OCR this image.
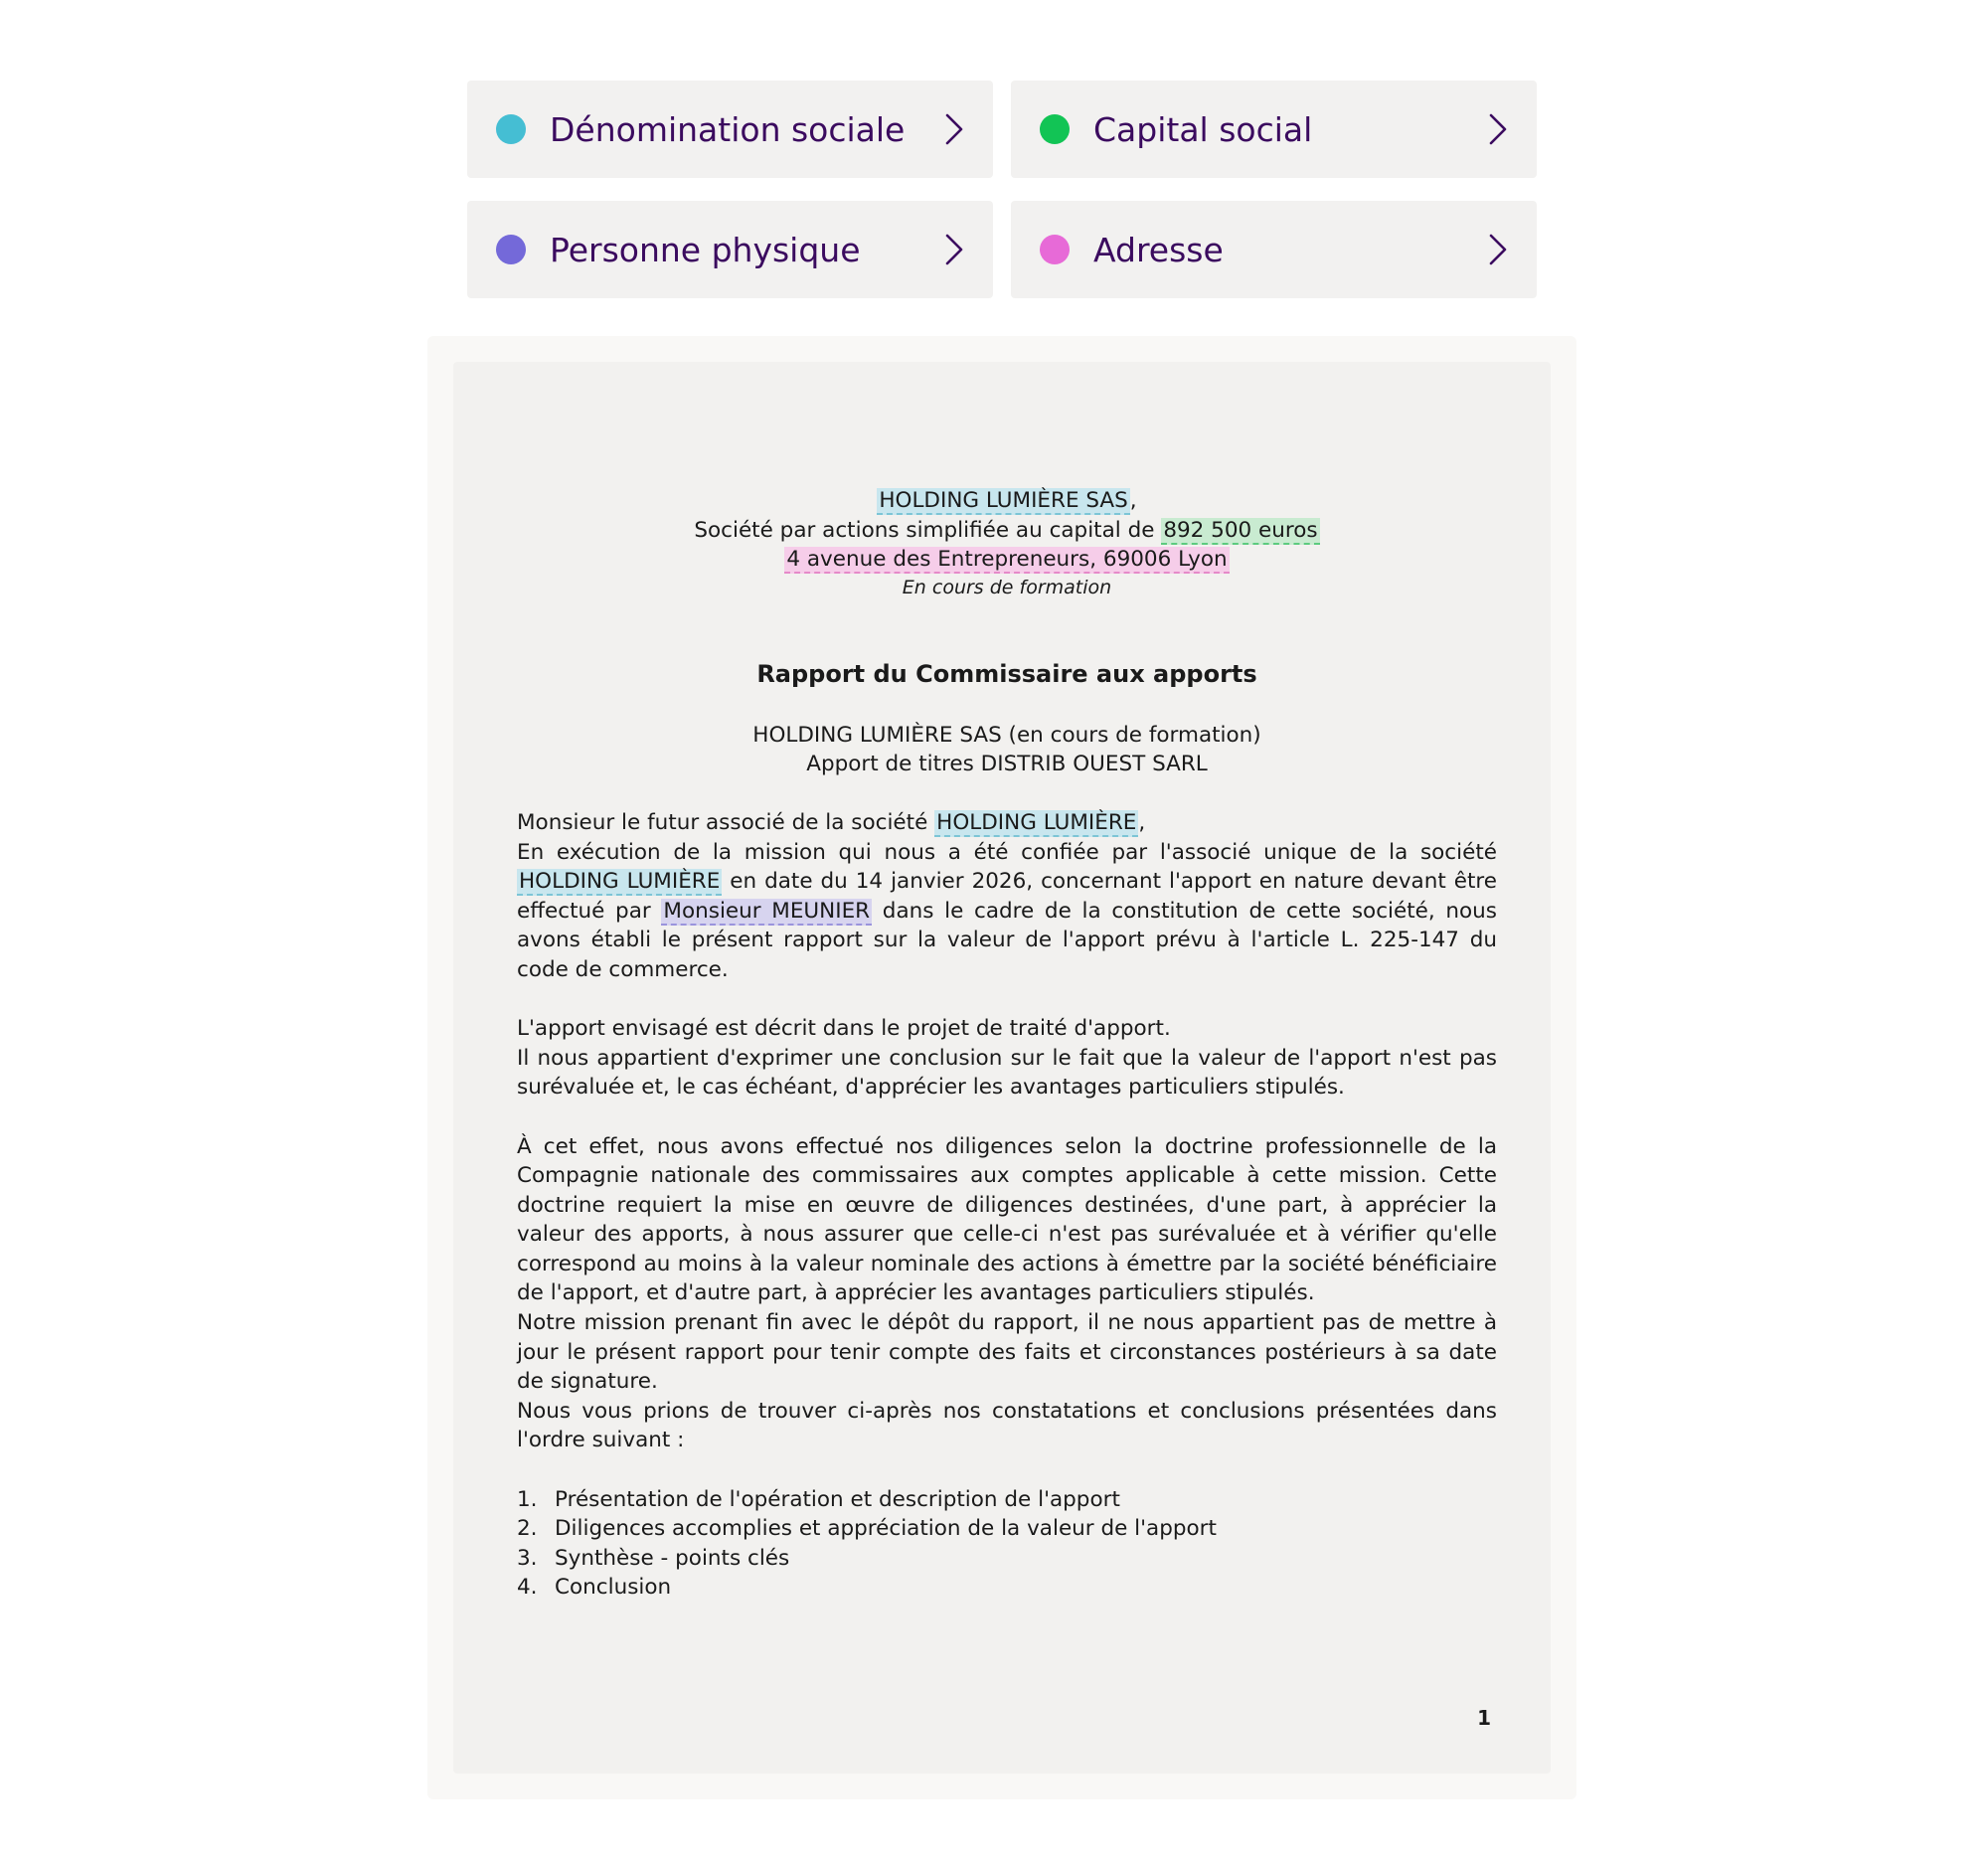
Dénomination sociale	Capital social
Personne physique	Adresse
HOLDING LUMIÈRE SAS,
Société par actions simplifiée au capital de 892 500 euros
4 avenue des Entrepreneurs, 69006 Lyon
En cours de formation
Rapport du Commissaire aux apports
HOLDING LUMIÈRE SAS (en cours de formation)
Apport de titres DISTRIB OUEST SARL
Monsieur le futur associé de la société HOLDING LUMIÈRE,
En exécution de la mission qui nous a été confiée par l'associé unique de la société HOLDING LUMIÈRE en date du 14 janvier 2026, concernant l'apport en nature devant être effectué par Monsieur MEUNIER dans le cadre de la constitution de cette société, nous avons établi le présent rapport sur la valeur de l'apport prévu à l'article L. 225-147 du code de commerce.
L'apport envisagé est décrit dans le projet de traité d'apport.
Il nous appartient d'exprimer une conclusion sur le fait que la valeur de l'apport n'est pas surévaluée et, le cas échéant, d'apprécier les avantages particuliers stipulés.
À cet effet, nous avons effectué nos diligences selon la doctrine professionnelle de la Compagnie nationale des commissaires aux comptes applicable à cette mission. Cette doctrine requiert la mise en œuvre de diligences destinées, d'une part, à apprécier la valeur des apports, à nous assurer que celle-ci n'est pas surévaluée et à vérifier qu'elle correspond au moins à la valeur nominale des actions à émettre par la société bénéficiaire de l'apport, et d'autre part, à apprécier les avantages particuliers stipulés.
Notre mission prenant fin avec le dépôt du rapport, il ne nous appartient pas de mettre à jour le présent rapport pour tenir compte des faits et circonstances postérieurs à sa date de signature.
Nous vous prions de trouver ci-après nos constatations et conclusions présentées dans l'ordre suivant :
1. Présentation de l'opération et description de l'apport
2. Diligences accomplies et appréciation de la valeur de l'apport
3. Synthèse - points clés
4. Conclusion
1
